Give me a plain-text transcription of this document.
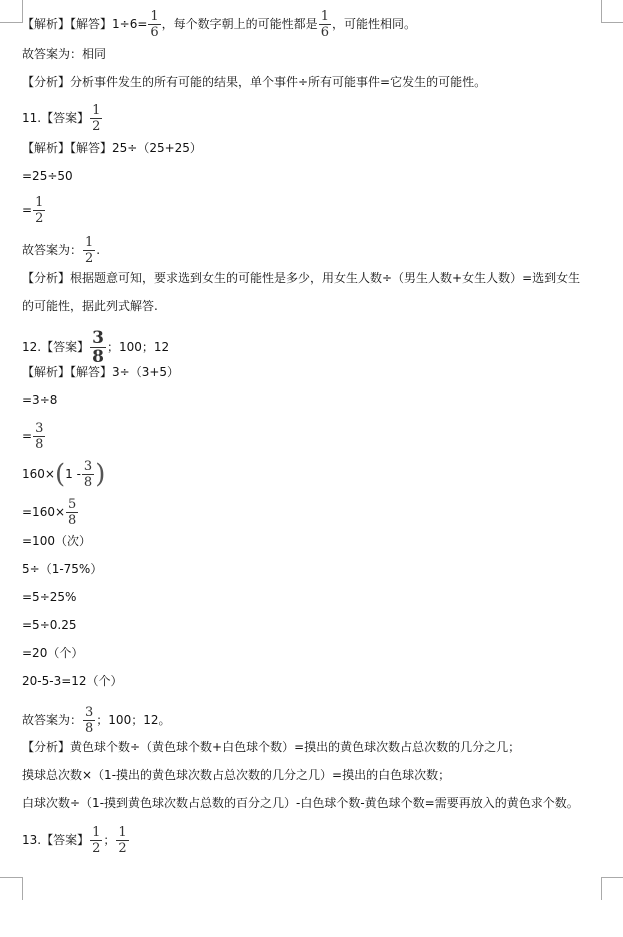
【解析】【解答】$1\div 6= \frac{1}{6}$ ，每个数字朝上的可能性都是 $\frac{1}{6}$ ，可能性相同。
故答案为：相同
【分析】分析事件发生的所有可能的结果，单个事件÷所有可能事件=它发生的可能性。
11.【答案】 $\frac{1}{2}$
【解析】【解答】25÷（25+25）
=25÷50
= $\frac{1}{2}$
故答案为： $\frac{1}{2}$ .
【分析】根据题意可知，要求选到女生的可能性是多少，用女生人数÷（男生人数+女生人数）=选到女生
的可能性，据此列式解答.
12.【答案】 $\frac{3}{8}$ ；100；12
【解析】【解答】3÷（3+5）
=3÷8
= $\frac{3}{8}$
$160\times(1 - \frac{3}{8}$ )
$=160\times \frac{5}{8}$
=100（次）
5÷（1-75%）
=5÷25%
=5÷0.25
=20（个）
20-5-3=12（个）
故答案为： $\frac{3}{8}$ ；100；12。
【分析】黄色球个数÷（黄色球个数+白色球个数）=摸出的黄色球次数占总次数的几分之几；
摸球总次数×（1-摸出的黄色球次数占总次数的几分之几）=摸出的白色球次数；
白球次数÷（1-摸到黄色球次数占总数的百分之几）-白色球个数-黄色球个数=需要再放入的黄色求个数。
13.【答案】 $\frac{1}{2}$ ； $\frac{1}{2}$
